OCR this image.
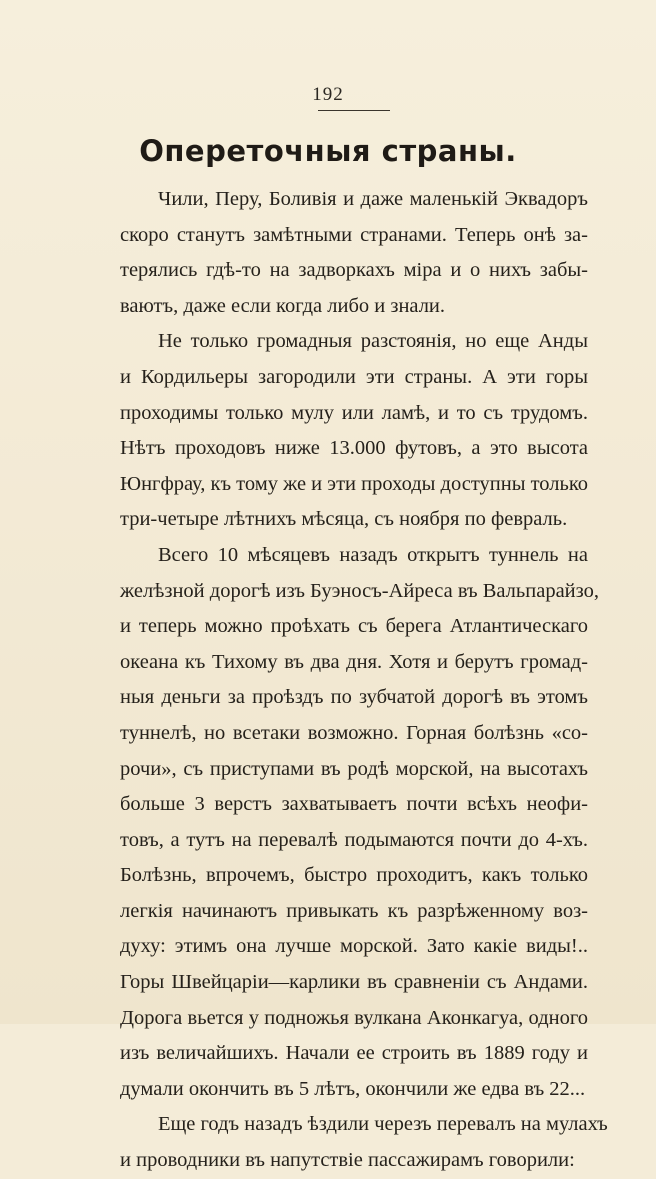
192
Опереточныя страны.
Чили, Перу, Боливія и даже маленькій Эквадоръ
скоро станутъ замѣтными странами. Теперь онѣ за-
терялись гдѣ-то на задворкахъ міра и о нихъ забы-
ваютъ, даже если когда либо и знали.
Не только громадныя разстоянія, но еще Анды
и Кордильеры загородили эти страны. А эти горы
проходимы только мулу или ламѣ, и то съ трудомъ.
Нѣтъ проходовъ ниже 13.000 футовъ, а это высота
Юнгфрау, къ тому же и эти проходы доступны только
три-четыре лѣтнихъ мѣсяца, съ ноября по февраль.
Всего 10 мѣсяцевъ назадъ открытъ туннель на
желѣзной дорогѣ изъ Буэносъ-Айреса въ Вальпарайзо,
и теперь можно проѣхать съ берега Атлантическаго
океана къ Тихому въ два дня. Хотя и берутъ громад-
ныя деньги за проѣздъ по зубчатой дорогѣ въ этомъ
туннелѣ, но всетаки возможно. Горная болѣзнь «со-
рочи», съ приступами въ родѣ морской, на высотахъ
больше 3 верстъ захватываетъ почти всѣхъ неофи-
товъ, а тутъ на перевалѣ подымаются почти до 4-хъ.
Болѣзнь, впрочемъ, быстро проходитъ, какъ только
легкія начинаютъ привыкать къ разрѣженному воз-
духу: этимъ она лучше морской. Зато какіе виды!..
Горы Швейцаріи—карлики въ сравненіи съ Андами.
Дорога вьется у подножья вулкана Аконкагуа, одного
изъ величайшихъ. Начали ее строить въ 1889 году и
думали окончить въ 5 лѣтъ, окончили же едва въ 22...
Еще годъ назадъ ѣздили черезъ перевалъ на мулахъ
и проводники въ напутствіе пассажирамъ говорили:
